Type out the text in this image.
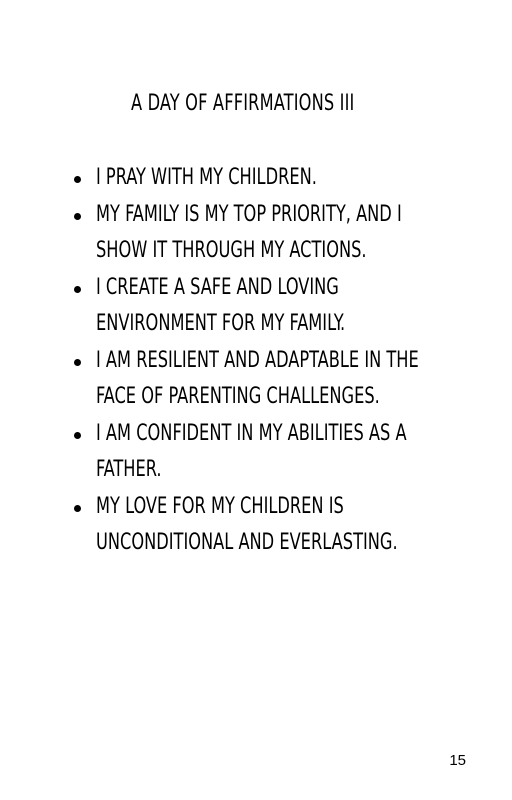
A DAY OF AFFIRMATIONS III
I PRAY WITH MY CHILDREN.
MY FAMILY IS MY TOP PRIORITY, AND I
SHOW IT THROUGH MY ACTIONS.
I CREATE A SAFE AND LOVING
ENVIRONMENT FOR MY FAMILY.
I AM RESILIENT AND ADAPTABLE IN THE
FACE OF PARENTING CHALLENGES.
I AM CONFIDENT IN MY ABILITIES AS A
FATHER.
MY LOVE FOR MY CHILDREN IS
UNCONDITIONAL AND EVERLASTING.
15
